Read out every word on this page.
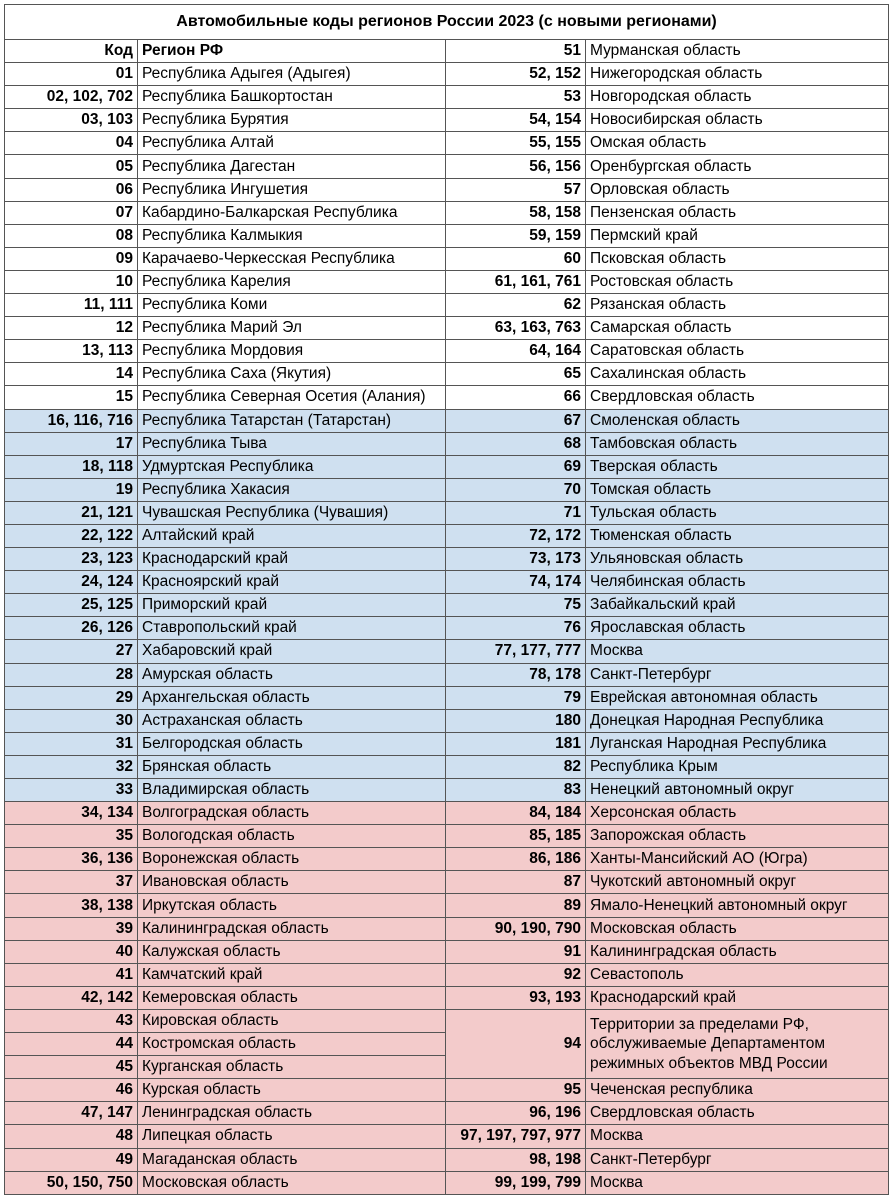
Автомобильные коды регионов России 2023 (с новыми регионами)			
Код	Регион РФ	51	Мурманская область
01	Республика Адыгея (Адыгея)	52, 152	Нижегородская область
02, 102, 702	Республика Башкортостан	53	Новгородская область
03, 103	Республика Бурятия	54, 154	Новосибирская область
04	Республика Алтай	55, 155	Омская область
05	Республика Дагестан	56, 156	Оренбургская область
06	Республика Ингушетия	57	Орловская область
07	Кабардино-Балкарская Республика	58, 158	Пензенская область
08	Республика Калмыкия	59, 159	Пермский край
09	Карачаево-Черкесская Республика	60	Псковская область
10	Республика Карелия	61, 161, 761	Ростовская область
11, 111	Республика Коми	62	Рязанская область
12	Республика Марий Эл	63, 163, 763	Самарская область
13, 113	Республика Мордовия	64, 164	Саратовская область
14	Республика Саха (Якутия)	65	Сахалинская область
15	Республика Северная Осетия (Алания)	66	Свердловская область
16, 116, 716	Республика Татарстан (Татарстан)	67	Смоленская область
17	Республика Тыва	68	Тамбовская область
18, 118	Удмуртская Республика	69	Тверская область
19	Республика Хакасия	70	Томская область
21, 121	Чувашская Республика (Чувашия)	71	Тульская область
22, 122	Алтайский край	72, 172	Тюменская область
23, 123	Краснодарский край	73, 173	Ульяновская область
24, 124	Красноярский край	74, 174	Челябинская область
25, 125	Приморский край	75	Забайкальский край
26, 126	Ставропольский край	76	Ярославская область
27	Хабаровский край	77, 177, 777	Москва
28	Амурская область	78, 178	Санкт-Петербург
29	Архангельская область	79	Еврейская автономная область
30	Астраханская область	180	Донецкая Народная Республика
31	Белгородская область	181	Луганская Народная Республика
32	Брянская область	82	Республика Крым
33	Владимирская область	83	Ненецкий автономный округ
34, 134	Волгоградская область	84, 184	Херсонская область
35	Вологодская область	85, 185	Запорожская область
36, 136	Воронежская область	86, 186	Ханты-Мансийский АО (Югра)
37	Ивановская область	87	Чукотский автономный округ
38, 138	Иркутская область	89	Ямало-Ненецкий автономный округ
39	Калининградская область	90, 190, 790	Московская область
40	Калужская область	91	Калининградская область
41	Камчатский край	92	Севастополь
42, 142	Кемеровская область	93, 193	Краснодарский край
43	Кировская область	94	Территории за пределами РФ, обслуживаемые Департаментом режимных объектов МВД России
44	Костромская область		
45	Курганская область		
46	Курская область	95	Чеченская республика
47, 147	Ленинградская область	96, 196	Свердловская область
48	Липецкая область	97, 197, 797, 977	Москва
49	Магаданская область	98, 198	Санкт-Петербург
50, 150, 750	Московская область	99, 199, 799	Москва
